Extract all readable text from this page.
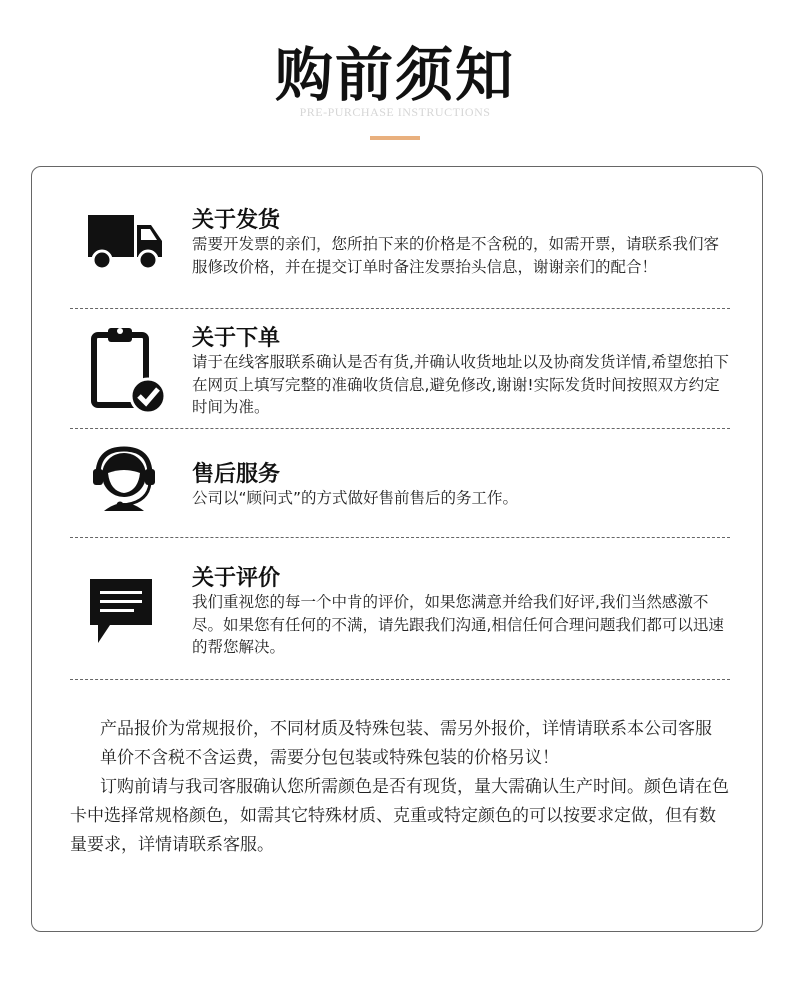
购前须知
PRE-PURCHASE INSTRUCTIONS
关于发货
需要开发票的亲们，您所拍下来的价格是不含税的，如需开票，请联系我们客服修改价格，并在提交订单时备注发票抬头信息，谢谢亲们的配合！
关于下单
请于在线客服联系确认是否有货,并确认收货地址以及协商发货详情,希望您拍下在网页上填写完整的准确收货信息,避免修改,谢谢!实际发货时间按照双方约定时间为准。
售后服务
公司以“顾问式”的方式做好售前售后的务工作。
关于评价
我们重视您的每一个中肯的评价，如果您满意并给我们好评,我们当然感激不尽。如果您有任何的不满，请先跟我们沟通,相信任何合理问题我们都可以迅速的帮您解决。

产品报价为常规报价，不同材质及特殊包装、需另外报价，详情请联系本公司客服

单价不含税不含运费，需要分包包装或特殊包装的价格另议！

订购前请与我司客服确认您所需颜色是否有现货，量大需确认生产时间。颜色请在色卡中选择常规格颜色，如需其它特殊材质、克重或特定颜色的可以按要求定做，但有数量要求，详情请联系客服。
